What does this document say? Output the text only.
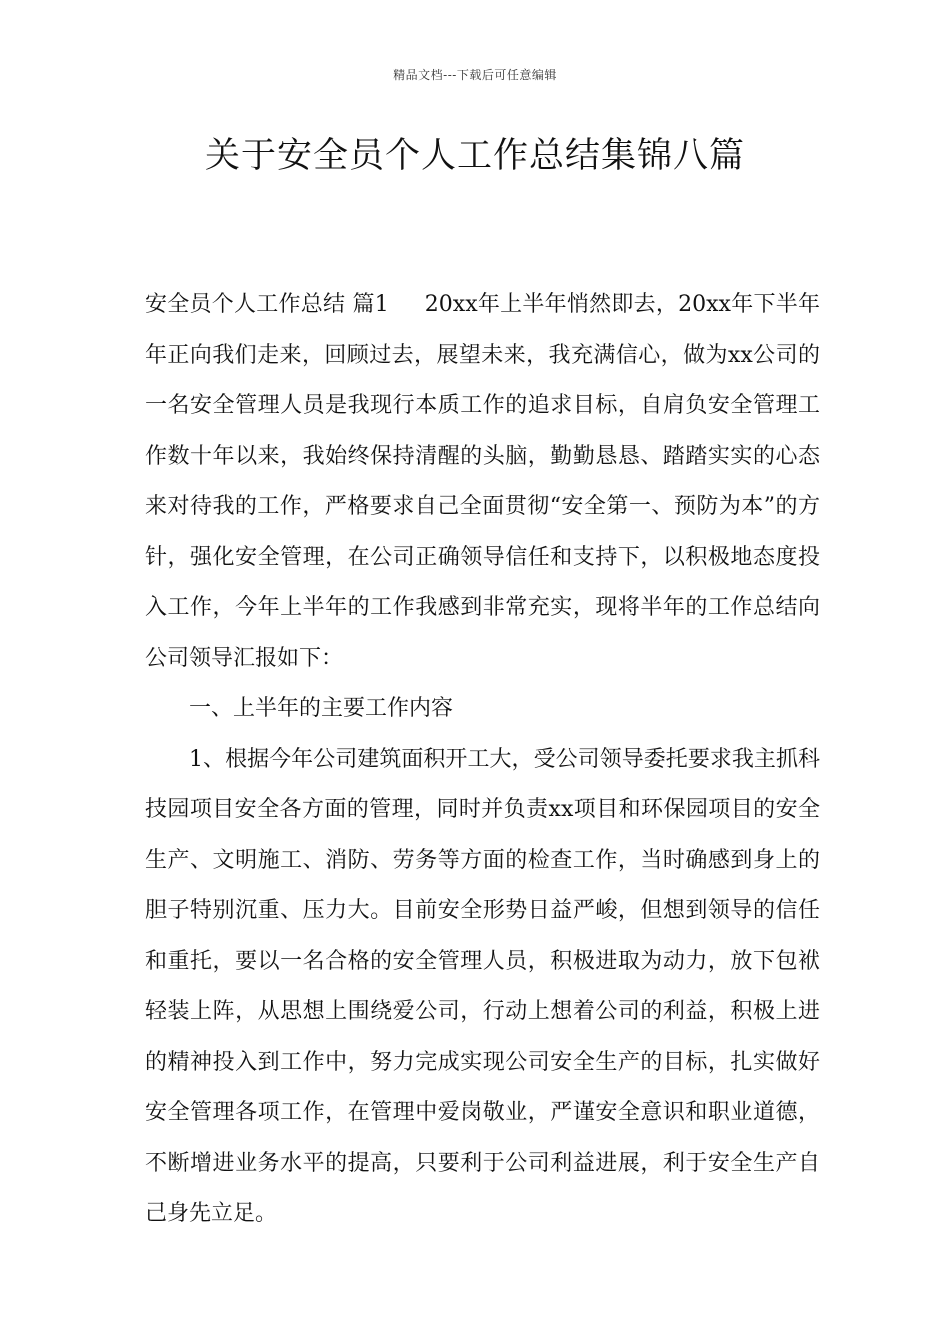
精品文档---下载后可任意编辑
关于安全员个人工作总结集锦八篇

安全员个人工作总结 篇1 20xx年上半年悄然即去，20xx年下半年年正向我们走来，回顾过去，展望未来，我充满信心，做为xx公司的一名安全管理人员是我现行本质工作的追求目标，自肩负安全管理工作数十年以来，我始终保持清醒的头脑，勤勤恳恳、踏踏实实的心态来对待我的工作，严格要求自己全面贯彻“安全第一、预防为本”的方针，强化安全管理，在公司正确领导信任和支持下，以积极地态度投入工作，今年上半年的工作我感到非常充实，现将半年的工作总结向公司领导汇报如下：

一、上半年的主要工作内容

1、根据今年公司建筑面积开工大，受公司领导委托要求我主抓科技园项目安全各方面的管理，同时并负责xx项目和环保园项目的安全生产、文明施工、消防、劳务等方面的检查工作，当时确感到身上的胆子特别沉重、压力大。目前安全形势日益严峻，但想到领导的信任和重托，要以一名合格的安全管理人员，积极进取为动力，放下包袱轻装上阵，从思想上围绕爱公司，行动上想着公司的利益，积极上进的精神投入到工作中，努力完成实现公司安全生产的目标，扎实做好安全管理各项工作，在管理中爱岗敬业，严谨安全意识和职业道德，不断增进业务水平的提高，只要利于公司利益进展，利于安全生产自己身先立足。
